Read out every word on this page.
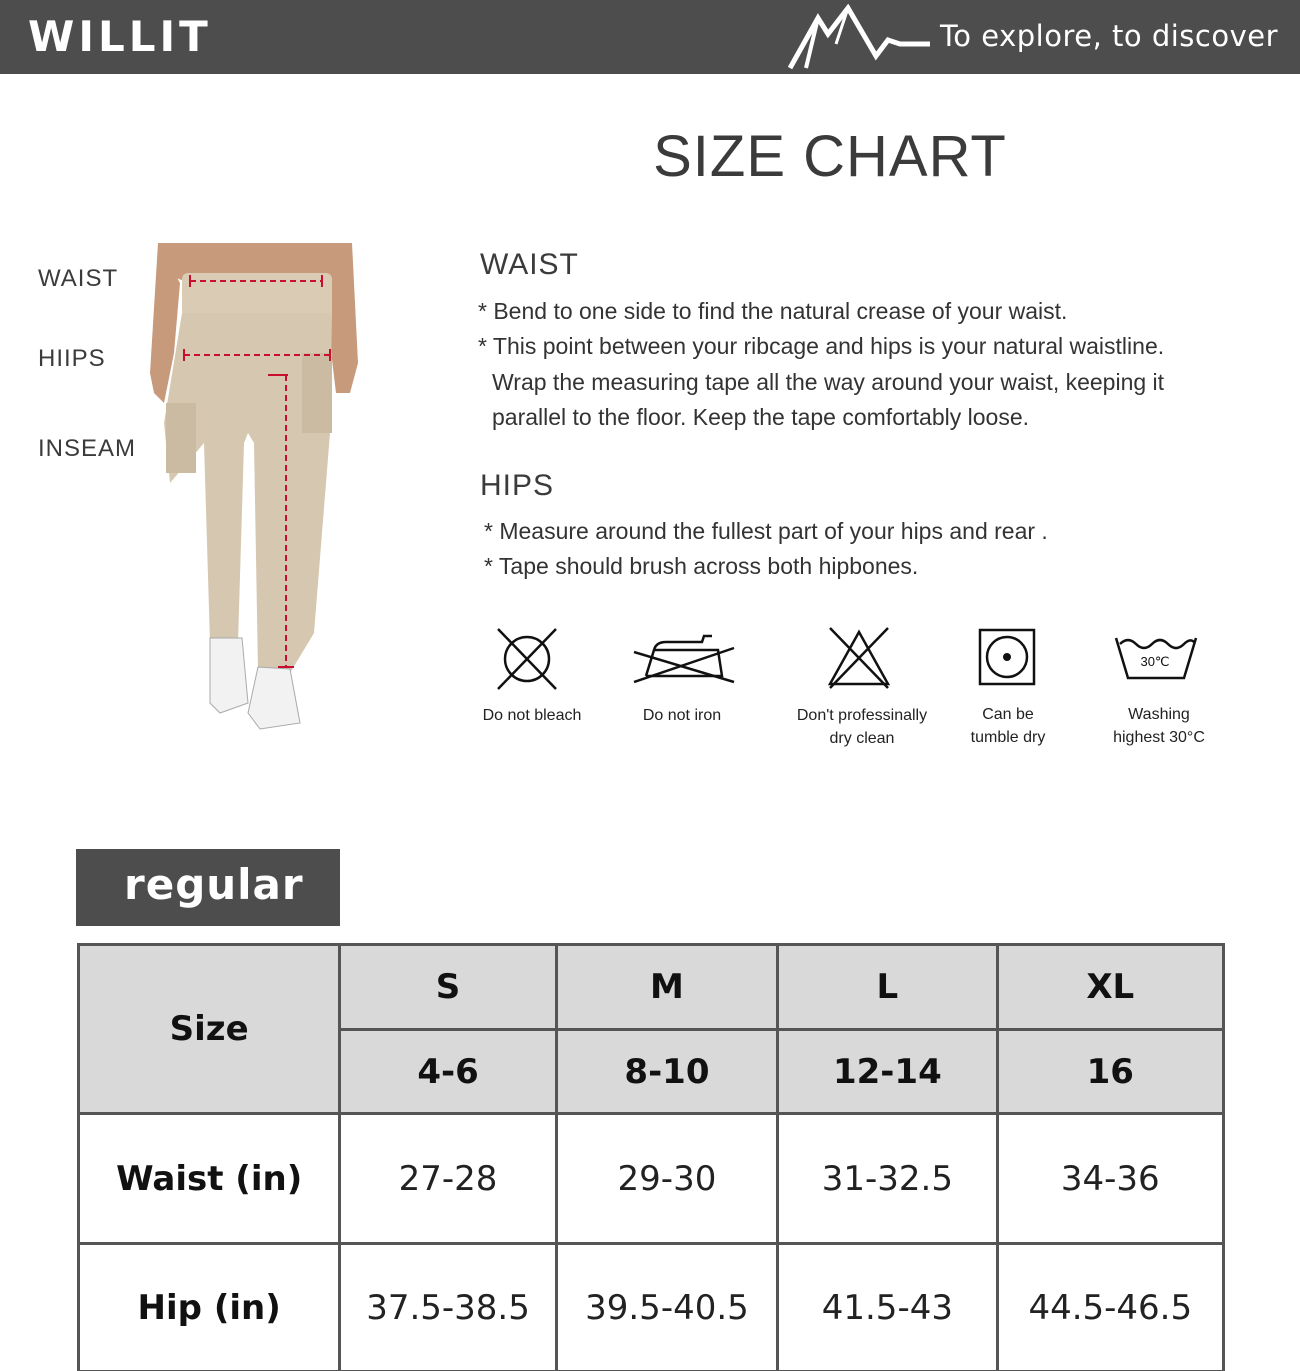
WILLIT	To explore, to discover
SIZE CHART
WAIST
HIIPS
INSEAM
WAIST
* Bend to one side to find the natural crease of your waist.
* This point between your ribcage and hips is your natural waistline.
Wrap the measuring tape all the way around your waist, keeping it
parallel to the floor. Keep the tape comfortably loose.
HIPS
* Measure around the fullest part of your hips and rear .
* Tape should brush across both hipbones.
Do not bleach	Do not iron	Don't professinally
dry clean
Can be
tumble dry
30℃
Washing
highest 30°C
regular
Size	S	M	L	XL
	4-6	8-10	12-14	16
Waist (in)	27-28	29-30	31-32.5	34-36
Hip (in)	37.5-38.5	39.5-40.5	41.5-43	44.5-46.5
